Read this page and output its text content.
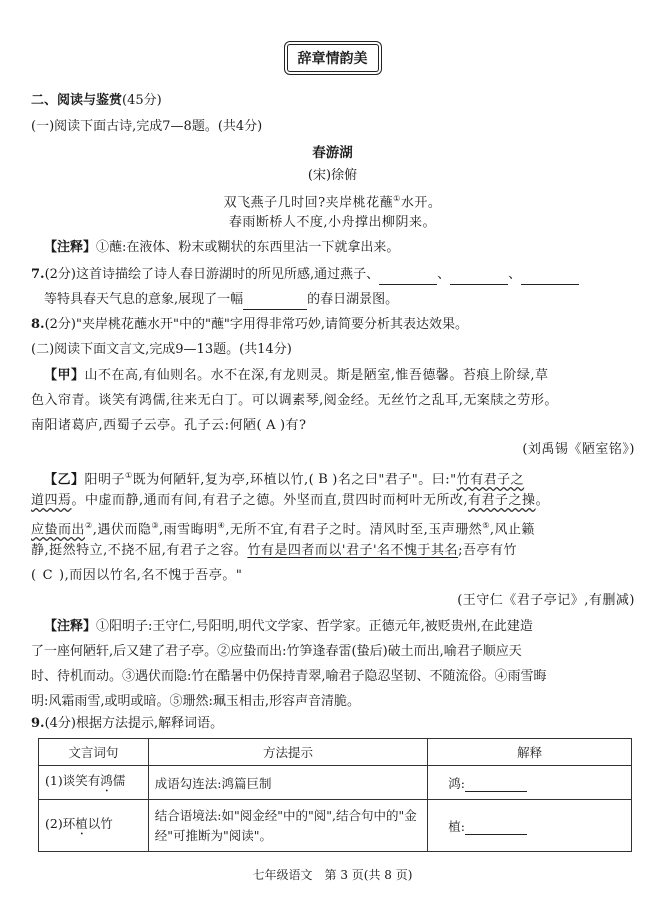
辞章情韵美
二、阅读与鉴赏(45分)
(一)阅读下面古诗,完成7—8题。(共4分)
春游湖
(宋)徐俯
双飞燕子几时回?夹岸桃花蘸①水开。
春雨断桥人不度,小舟撑出柳阴来。
【注释】①蘸:在液体、粉末或糊状的东西里沾一下就拿出来。
7.(2分)这首诗描绘了诗人春日游湖时的所见所感,通过燕子、	、	、
等特具春天气息的意象,展现了一幅	的春日湖景图。
8.(2分)"夹岸桃花蘸水开"中的"蘸"字用得非常巧妙,请简要分析其表达效果。
(二)阅读下面文言文,完成9—13题。(共14分)
【甲】山不在高,有仙则名。水不在深,有龙则灵。斯是陋室,惟吾德馨。苔痕上阶绿,草
色入帘青。谈笑有鸿儒,往来无白丁。可以调素琴,阅金经。无丝竹之乱耳,无案牍之劳形。
南阳诸葛庐,西蜀子云亭。孔子云:何陋( A )有?
(刘禹锡《陋室铭》)
【乙】阳明子①既为何陋轩,复为亭,环植以竹,( B )名之曰"君子"。曰:"竹有君子之
道四焉。中虚而静,通而有间,有君子之德。外坚而直,贯四时而柯叶无所改,有君子之操。
应蛰而出②,遇伏而隐③,雨雪晦明④,无所不宜,有君子之时。清风时至,玉声珊然⑤,风止籁
静,挺然特立,不挠不屈,有君子之容。竹有是四者而以'君子'名不愧于其名;吾亭有竹
( C ),而因以竹名,名不愧于吾亭。"
(王守仁《君子亭记》,有删减)
【注释】①阳明子:王守仁,号阳明,明代文学家、哲学家。正德元年,被贬贵州,在此建造
了一座何陋轩,后又建了君子亭。②应蛰而出:竹笋逢春雷(蛰后)破土而出,喻君子顺应天
时、待机而动。③遇伏而隐:竹在酷暑中仍保持青翠,喻君子隐忍坚韧、不随流俗。④雨雪晦
明:风霜雨雪,或明或暗。⑤珊然:珮玉相击,形容声音清脆。
9.(4分)根据方法提示,解释词语。
文言词句	方法提示	解释
(1)谈笑有鸿儒	成语勾连法:鸿篇巨制	鸿:
(2)环植以竹	结合语境法:如"阅金经"中的"阅",结合句中的"金经"可推断为"阅读"。	植:
七年级语文　第 3 页(共 8 页)
